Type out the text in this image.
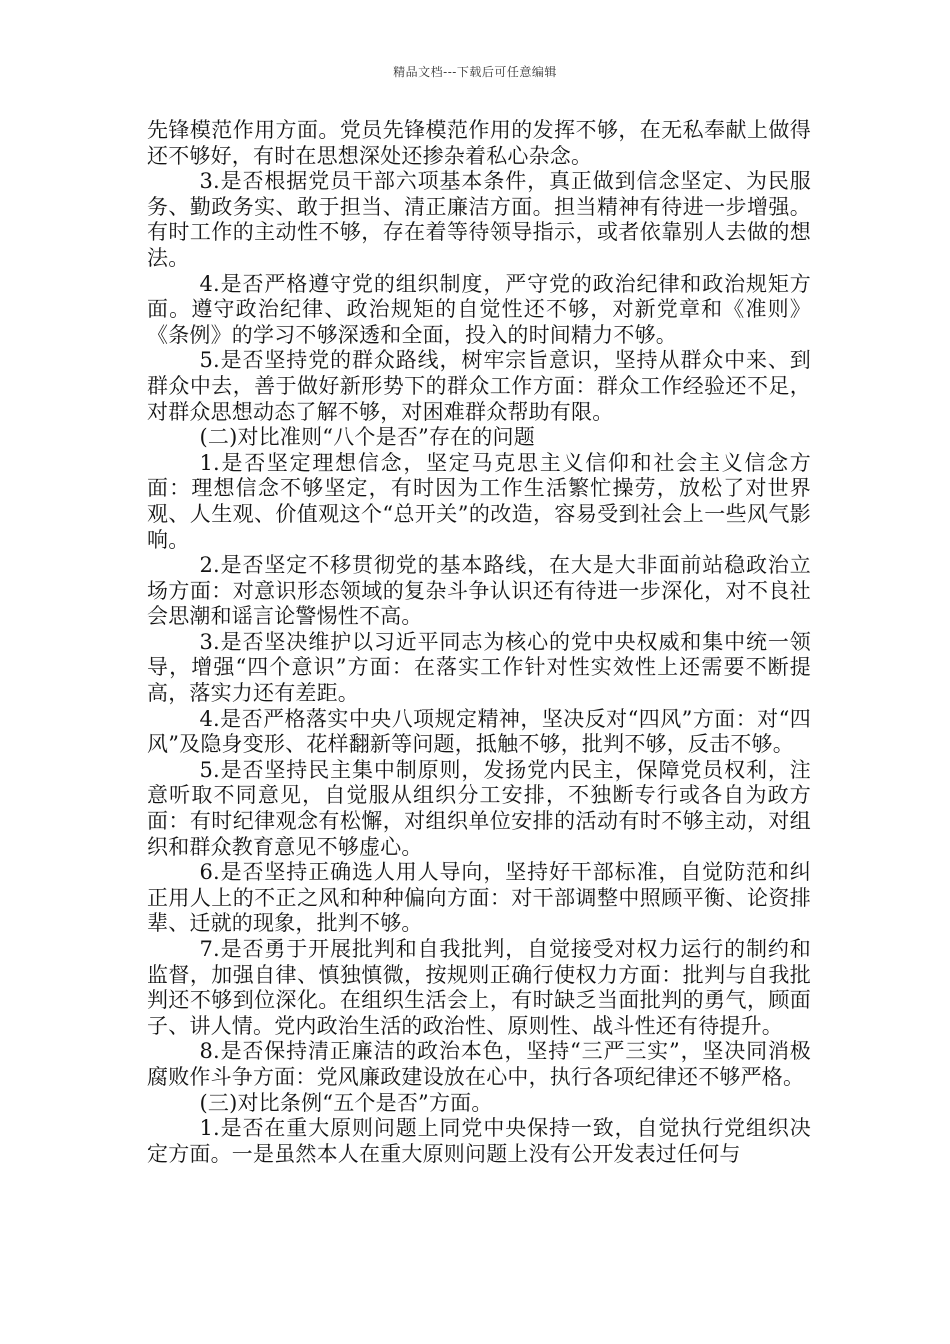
精品文档---下载后可任意编辑

先锋模范作用方面。党员先锋模范作用的发挥不够，在无私奉献上做得还不够好，有时在思想深处还掺杂着私心杂念。

3.是否根据党员干部六项基本条件，真正做到信念坚定、为民服务、勤政务实、敢于担当、清正廉洁方面。担当精神有待进一步增强。有时工作的主动性不够，存在着等待领导指示，或者依靠别人去做的想法。

4.是否严格遵守党的组织制度，严守党的政治纪律和政治规矩方面。遵守政治纪律、政治规矩的自觉性还不够，对新党章和《准则》《条例》的学习不够深透和全面，投入的时间精力不够。

5.是否坚持党的群众路线，树牢宗旨意识，坚持从群众中来、到群众中去，善于做好新形势下的群众工作方面：群众工作经验还不足，对群众思想动态了解不够，对困难群众帮助有限。

(二)对比准则“八个是否”存在的问题

1.是否坚定理想信念，坚定马克思主义信仰和社会主义信念方面：理想信念不够坚定，有时因为工作生活繁忙操劳，放松了对世界观、人生观、价值观这个“总开关”的改造，容易受到社会上一些风气影响。

2.是否坚定不移贯彻党的基本路线，在大是大非面前站稳政治立场方面：对意识形态领域的复杂斗争认识还有待进一步深化，对不良社会思潮和谣言论警惕性不高。

3.是否坚决维护以习近平同志为核心的党中央权威和集中统一领导，增强“四个意识”方面：在落实工作针对性实效性上还需要不断提高，落实力还有差距。

4.是否严格落实中央八项规定精神，坚决反对“四风”方面：对“四风”及隐身变形、花样翻新等问题，抵触不够，批判不够，反击不够。

5.是否坚持民主集中制原则，发扬党内民主，保障党员权利，注意听取不同意见，自觉服从组织分工安排，不独断专行或各自为政方面：有时纪律观念有松懈，对组织单位安排的活动有时不够主动，对组织和群众教育意见不够虚心。

6.是否坚持正确选人用人导向，坚持好干部标准，自觉防范和纠正用人上的不正之风和种种偏向方面：对干部调整中照顾平衡、论资排辈、迁就的现象，批判不够。

7.是否勇于开展批判和自我批判，自觉接受对权力运行的制约和监督，加强自律、慎独慎微，按规则正确行使权力方面：批判与自我批判还不够到位深化。在组织生活会上，有时缺乏当面批判的勇气，顾面子、讲人情。党内政治生活的政治性、原则性、战斗性还有待提升。

8.是否保持清正廉洁的政治本色，坚持“三严三实”，坚决同消极腐败作斗争方面：党风廉政建设放在心中，执行各项纪律还不够严格。

(三)对比条例“五个是否”方面。

1.是否在重大原则问题上同党中央保持一致，自觉执行党组织决定方面。一是虽然本人在重大原则问题上没有公开发表过任何与
